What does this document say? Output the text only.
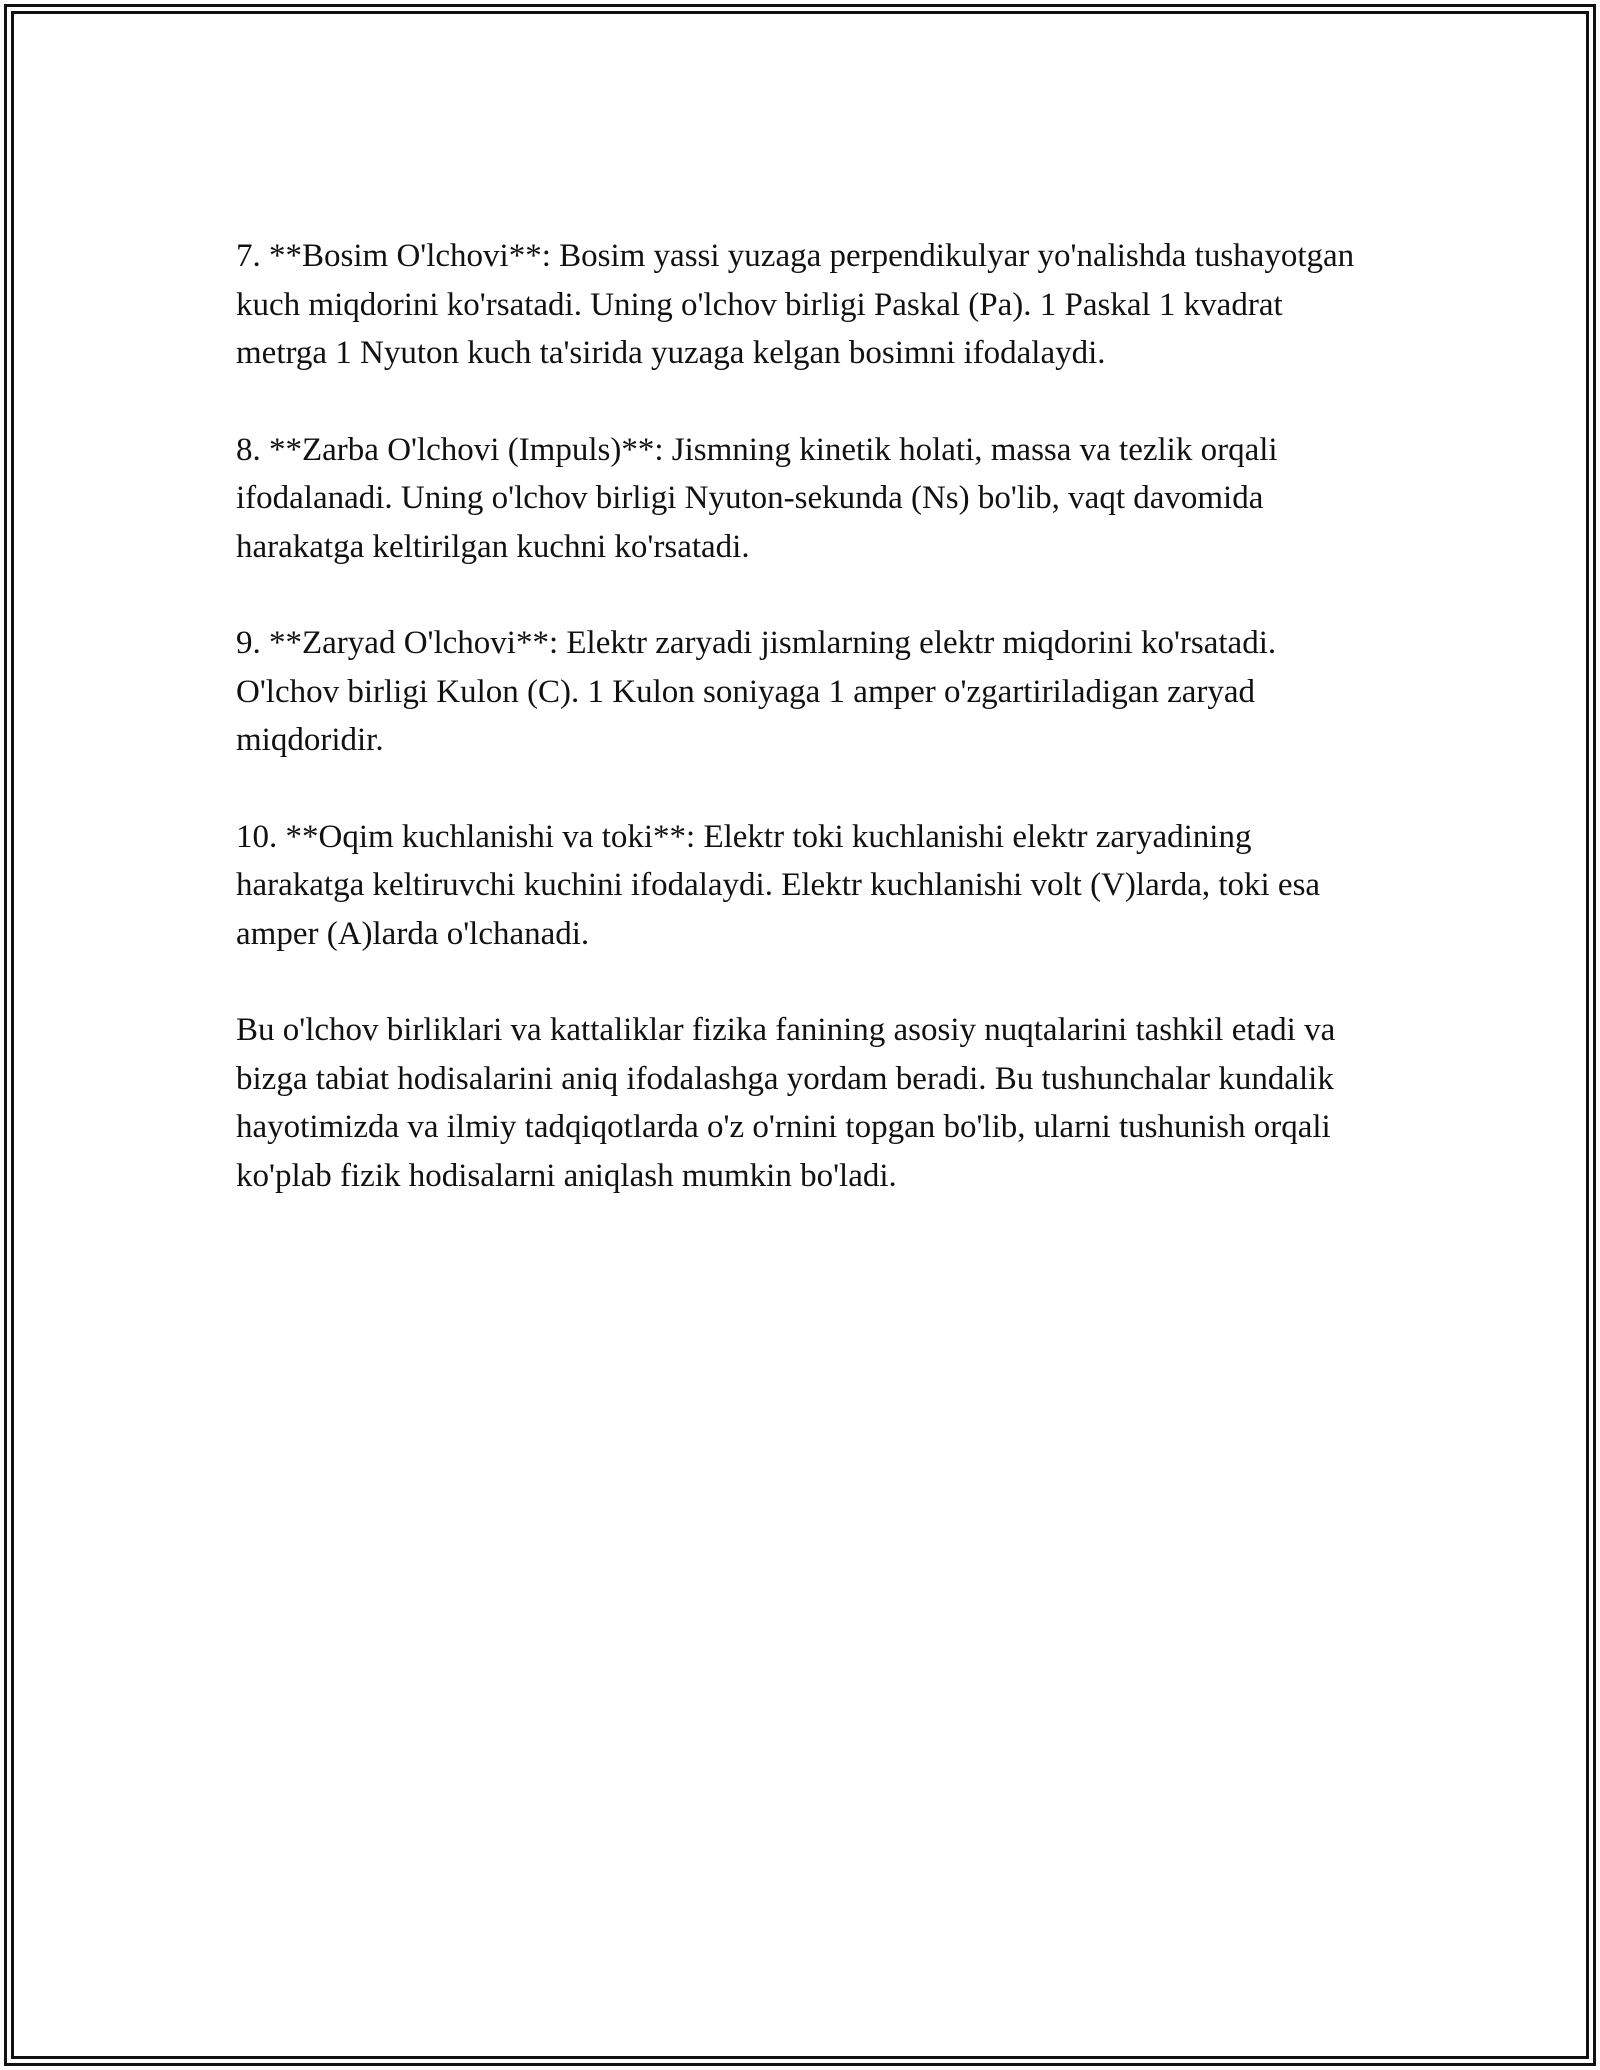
7. **Bosim O'lchovi**: Bosim yassi yuzaga perpendikulyar yo'nalishda tushayotgan kuch miqdorini ko'rsatadi. Uning o'lchov birligi Paskal (Pa). 1 Paskal 1 kvadrat metrga 1 Nyuton kuch ta'sirida yuzaga kelgan bosimni ifodalaydi.

8. **Zarba O'lchovi (Impuls)**: Jismning kinetik holati, massa va tezlik orqali ifodalanadi. Uning o'lchov birligi Nyuton-sekunda (Ns) bo'lib, vaqt davomida harakatga keltirilgan kuchni ko'rsatadi.

9. **Zaryad O'lchovi**: Elektr zaryadi jismlarning elektr miqdorini ko'rsatadi. O'lchov birligi Kulon (C). 1 Kulon soniyaga 1 amper o'zgartiriladigan zaryad miqdoridir.

10. **Oqim kuchlanishi va toki**: Elektr toki kuchlanishi elektr zaryadining harakatga keltiruvchi kuchini ifodalaydi. Elektr kuchlanishi volt (V)larda, toki esa amper (A)larda o'lchanadi.

Bu o'lchov birliklari va kattaliklar fizika fanining asosiy nuqtalarini tashkil etadi va bizga tabiat hodisalarini aniq ifodalashga yordam beradi. Bu tushunchalar kundalik hayotimizda va ilmiy tadqiqotlarda o'z o'rnini topgan bo'lib, ularni tushunish orqali ko'plab fizik hodisalarni aniqlash mumkin bo'ladi.
